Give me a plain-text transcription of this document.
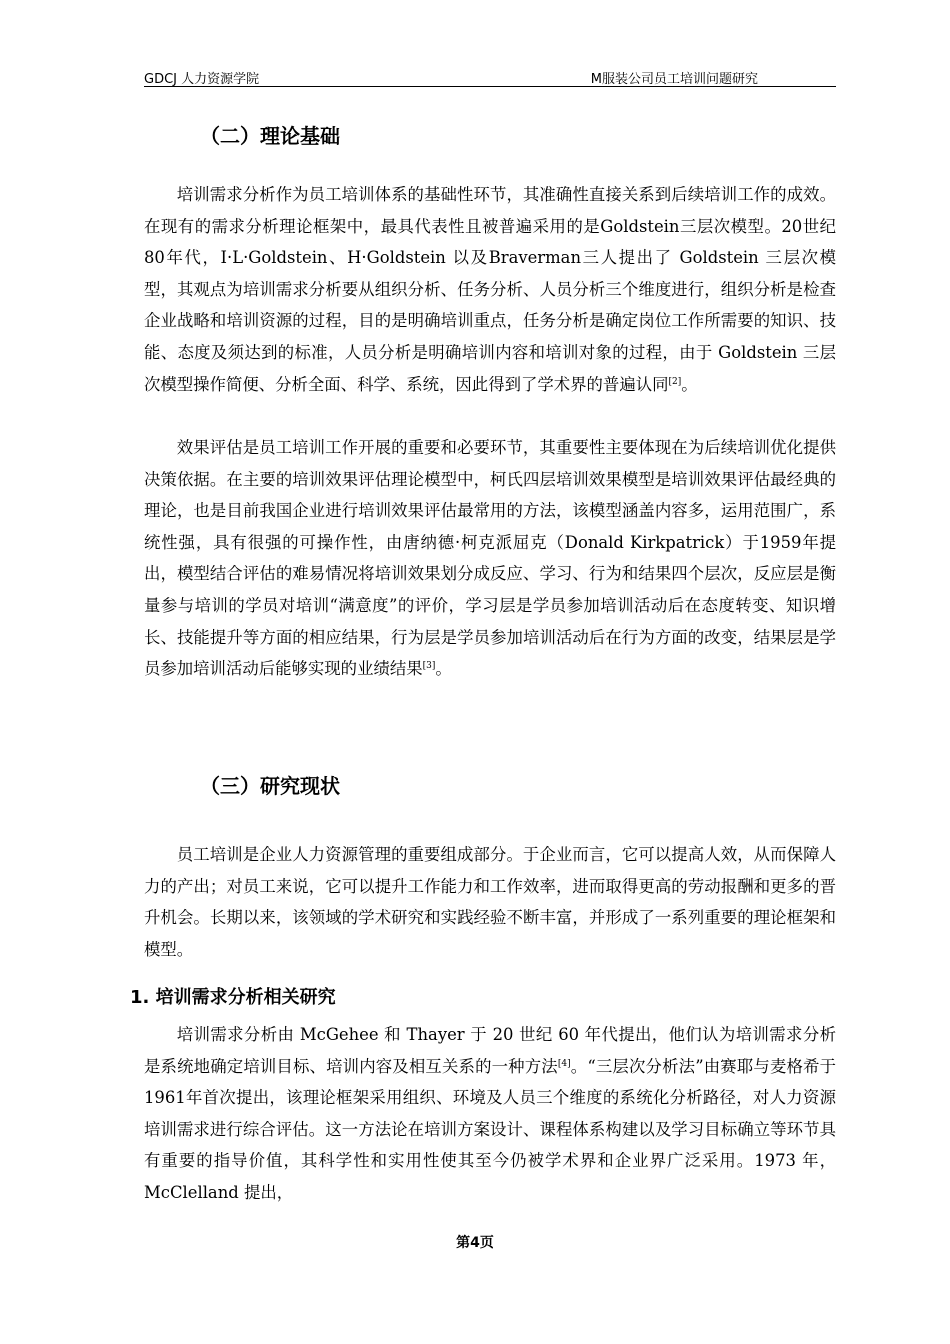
GDCJ 人力资源学院	M服装公司员工培训问题研究
（二）理论基础

培训需求分析作为员工培训体系的基础性环节，其准确性直接关系到后续培训工作的成效。在现有的需求分析理论框架中，最具代表性且被普遍采用的是Goldstein三层次模型。20世纪80年代，I·L·Goldstein、H·Goldstein 以及Braverman三人提出了 Goldstein 三层次模型，其观点为培训需求分析要从组织分析、任务分析、人员分析三个维度进行，组织分析是检查企业战略和培训资源的过程，目的是明确培训重点，任务分析是确定岗位工作所需要的知识、技能、态度及须达到的标准，人员分析是明确培训内容和培训对象的过程，由于 Goldstein 三层次模型操作简便、分析全面、科学、系统，因此得到了学术界的普遍认同[2]。

效果评估是员工培训工作开展的重要和必要环节，其重要性主要体现在为后续培训优化提供决策依据。在主要的培训效果评估理论模型中，柯氏四层培训效果模型是培训效果评估最经典的理论，也是目前我国企业进行培训效果评估最常用的方法，该模型涵盖内容多，运用范围广，系统性强，具有很强的可操作性，由唐纳德·柯克派屈克（Donald Kirkpatrick）于1959年提出，模型结合评估的难易情况将培训效果划分成反应、学习、行为和结果四个层次，反应层是衡量参与培训的学员对培训“满意度”的评价，学习层是学员参加培训活动后在态度转变、知识增长、技能提升等方面的相应结果，行为层是学员参加培训活动后在行为方面的改变，结果层是学员参加培训活动后能够实现的业绩结果[3]。

（三）研究现状

员工培训是企业人力资源管理的重要组成部分。于企业而言，它可以提高人效，从而保障人力的产出；对员工来说，它可以提升工作能力和工作效率，进而取得更高的劳动报酬和更多的晋升机会。长期以来，该领域的学术研究和实践经验不断丰富，并形成了一系列重要的理论框架和模型。

1. 培训需求分析相关研究

培训需求分析由 McGehee 和 Thayer 于 20 世纪 60 年代提出，他们认为培训需求分析是系统地确定培训目标、培训内容及相互关系的一种方法[4]。“三层次分析法”由赛耶与麦格希于1961年首次提出，该理论框架采用组织、环境及人员三个维度的系统化分析路径，对人力资源培训需求进行综合评估。这一方法论在培训方案设计、课程体系构建以及学习目标确立等环节具有重要的指导价值，其科学性和实用性使其至今仍被学术界和企业界广泛采用。1973 年，McClelland 提出，

第4页
